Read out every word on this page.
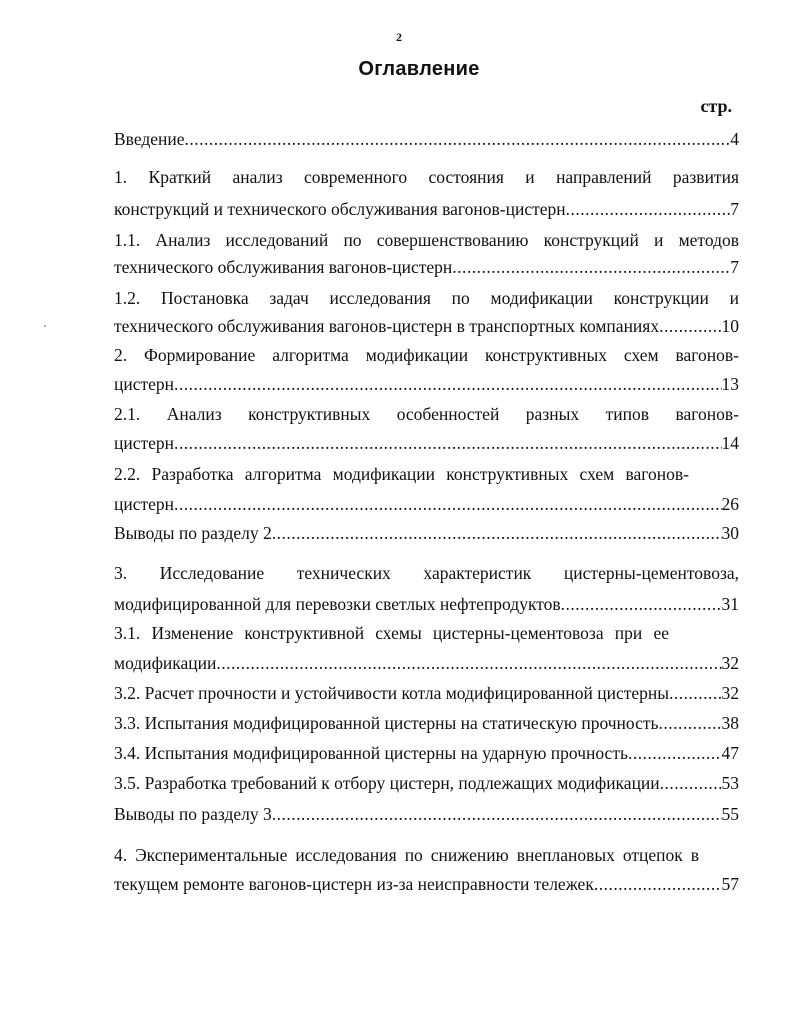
2
Оглавление
стр.
Введение .....	4
1. Краткий анализ современного состояния и направлений развития
конструкций и технического обслуживания вагонов-цистерн .....	7
1.1. Анализ исследований по совершенствованию конструкций и методов
технического обслуживания вагонов-цистерн .....	7
1.2. Постановка задач исследования по модификации конструкции и
технического обслуживания вагонов-цистерн в транспортных компаниях .....	10
2. Формирование алгоритма модификации конструктивных схем вагонов-
цистерн .....	13
2.1. Анализ конструктивных особенностей разных типов вагонов-
цистерн .....	14
2.2. Разработка алгоритма модификации конструктивных схем вагонов-
цистерн .....	26
Выводы по разделу 2 .....	30
3. Исследование технических характеристик цистерны-цементовоза,
модифицированной для перевозки светлых нефтепродуктов .....	31
3.1. Изменение конструктивной схемы цистерны-цементовоза при ее
модификации .....	32
3.2. Расчет прочности и устойчивости котла модифицированной цистерны .....	32
3.3. Испытания модифицированной цистерны на статическую прочность .....	38
3.4. Испытания модифицированной цистерны на ударную прочность .....	47
3.5. Разработка требований к отбору цистерн, подлежащих модификации .....	53
Выводы по разделу 3 .....	55
4. Экспериментальные исследования по снижению внеплановых отцепок в
текущем ремонте вагонов-цистерн из-за неисправности тележек .....	57
